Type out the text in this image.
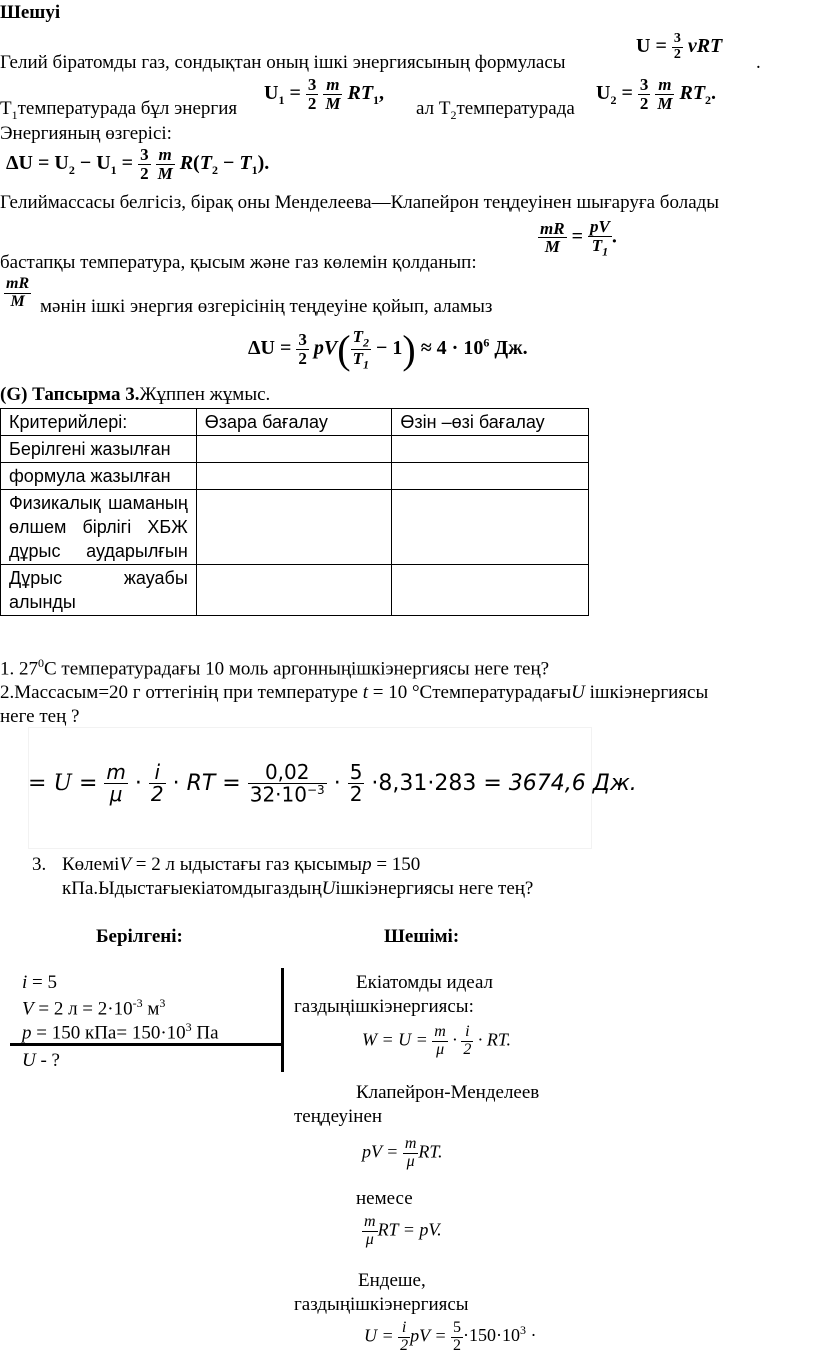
Шешуі
Гелий біратомды газ, сондықтан оның ішкі энергиясының формуласы
$U = \frac{3}{2}$ νRT
.
$T_1температурада$ бұл энергия
$U_1 = \frac{3}{2}$
$\frac{m}{M} RT_1$,
ал $T_2температурада$
$U_2 = \frac{3}{2}$
$\frac{m}{M} RT_2$.
Энергияның өзгерісі:
$\Delta U = U_2 - U_1 = \frac{3}{2}$
$\frac{m}{M} R(T_2 - T_1)$.
Гелиймассасы белгісіз, бірақ оны Менделеева—Клапейрон теңдеуінен шығаруға болады
$\frac{mR}{M} = \frac{pV}{T_1}$ .
бастапқы температура, қысым және газ көлемін қолданып:
$\frac{mR}{M}$ мәнін ішкі энергия өзгерісінің теңдеуіне қойып, аламыз
$\Delta U = \frac{3}{2} pV( \frac{T_2}{T_1} - 1) \approx 4 \cdot 10^6$ Дж.
(G) Тапсырма 3.Жұппен жұмыс.
Критерийлері:	Өзара бағалау	Өзін –өзі бағалау
Берілгені жазылған		
формула жазылған		

Физикалық шаманың өлшем бірлігі ХБЖ дұрыс аударылғын		

Дұрыс жауабы алынды		

1. $27^0С$ температурадағы 10 моль аргонныңішкіэнергиясы неге тең?
2.Массасым=20 г оттегінің при температуре t = 10 °CтемпературадағыU ішкіэнергиясы
неге тең ?
= $U = \frac{m}{\mu} \cdot \frac{i}{2}$ · RT = $\frac{0,02}{32\cdot 10^{-3}} \cdot \frac{5}{2} \cdot 8,31\cdot 283 = 3674,6$ Дж.
3. КөлеміV = 2 л ыдыстағы газ қысымыp = 150
кПа.ЫдыстағыекіатомдыгаздыңUішкіэнергиясы неге тең?
Берілгені:	Шешімі:
i = 5
V = 2 $л = 2\cdot 10^{-3}$ $м^3$
p = 150 $кПа= 150\cdot 10^3$ Па
U - ?
Екіатомды идеал
газдыңішкіэнергиясы:
$W = U = \frac{m}{\mu} \cdot \frac{i}{2}$ · RT.
Клапейрон-Менделеев
теңдеуінен
pV = $\frac{m}{\mu}$ RT.
немесе
$\frac{m}{\mu}$ RT = pV.
Ендеше,
газдыңішкіэнергиясы
$U = \frac{i}{2}$ pV = $\frac{5}{2} \cdot 150\cdot 10^3$ ·
